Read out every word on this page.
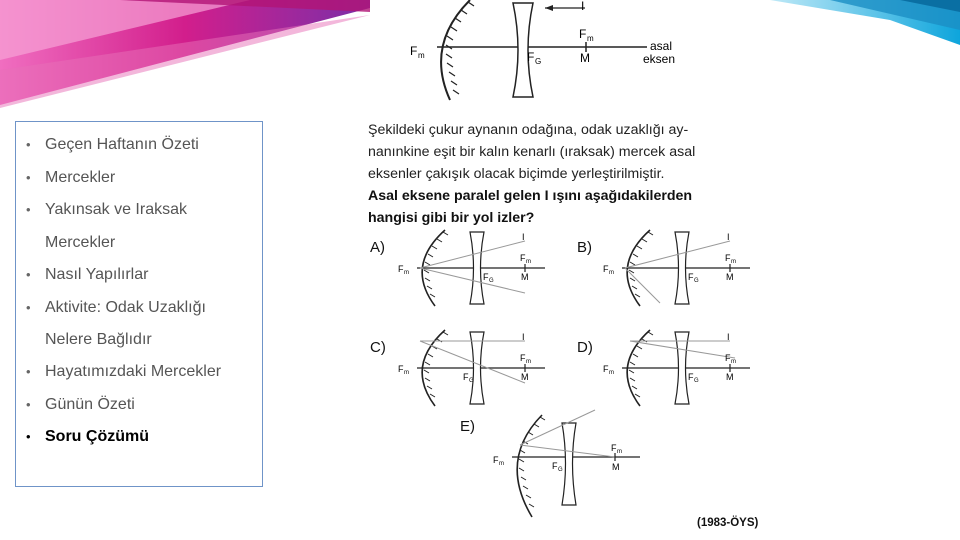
• Geçen Haftanın Özeti
• Mercekler
• Yakınsak ve Iraksak
Mercekler
• Nasıl Yapılırlar
• Aktivite: Odak Uzaklığı
Nelere Bağlıdır
• Hayatımızdaki Mercekler
• Günün Özeti
• Soru Çözümü
I
F m	F G
F m
M
asal
eksen
Şekildeki çukur aynanın odağına, odak uzaklığı ay-
nanınkine eşit bir kalın kenarlı (ıraksak) mercek asal
eksenler çakışık olacak biçimde yerleştirilmiştir.
Asal eksene paralel gelen I ışını aşağıdakilerden
hangisi gibi bir yol izler?
A)
I
F m	F G
F m
M
B)
I
F m	F G
F m
M
C)
I
F m	F G
F m
M
D)
I
F m	F G
F m
M
E)
F m	F G
F m
M
(1983-ÖYS)
